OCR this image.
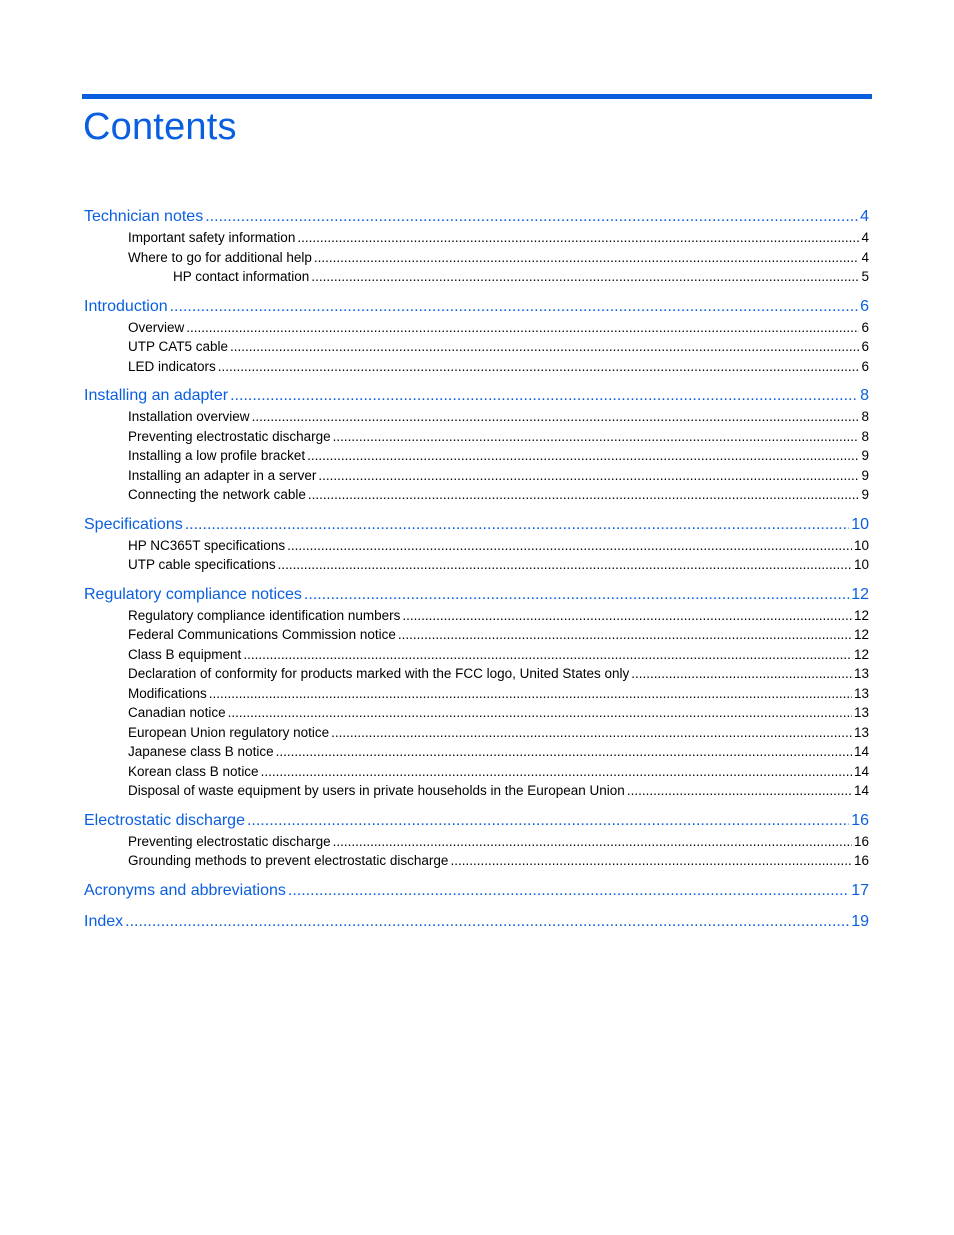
Contents
Technician notes .....	4
Important safety information .....	4
Where to go for additional help .....	4
HP contact information .....	5
Introduction .....	6
Overview .....	6
UTP CAT5 cable .....	6
LED indicators .....	6
Installing an adapter .....	8
Installation overview .....	8
Preventing electrostatic discharge .....	8
Installing a low profile bracket .....	9
Installing an adapter in a server .....	9
Connecting the network cable .....	9
Specifications .....	10
HP NC365T specifications .....	10
UTP cable specifications .....	10
Regulatory compliance notices .....	12
Regulatory compliance identification numbers .....	12
Federal Communications Commission notice .....	12
Class B equipment .....	12
Declaration of conformity for products marked with the FCC logo, United States only .....	13
Modifications .....	13
Canadian notice .....	13
European Union regulatory notice .....	13
Japanese class B notice .....	14
Korean class B notice .....	14
Disposal of waste equipment by users in private households in the European Union .....	14
Electrostatic discharge .....	16
Preventing electrostatic discharge .....	16
Grounding methods to prevent electrostatic discharge .....	16
Acronyms and abbreviations .....	17
Index .....	19
